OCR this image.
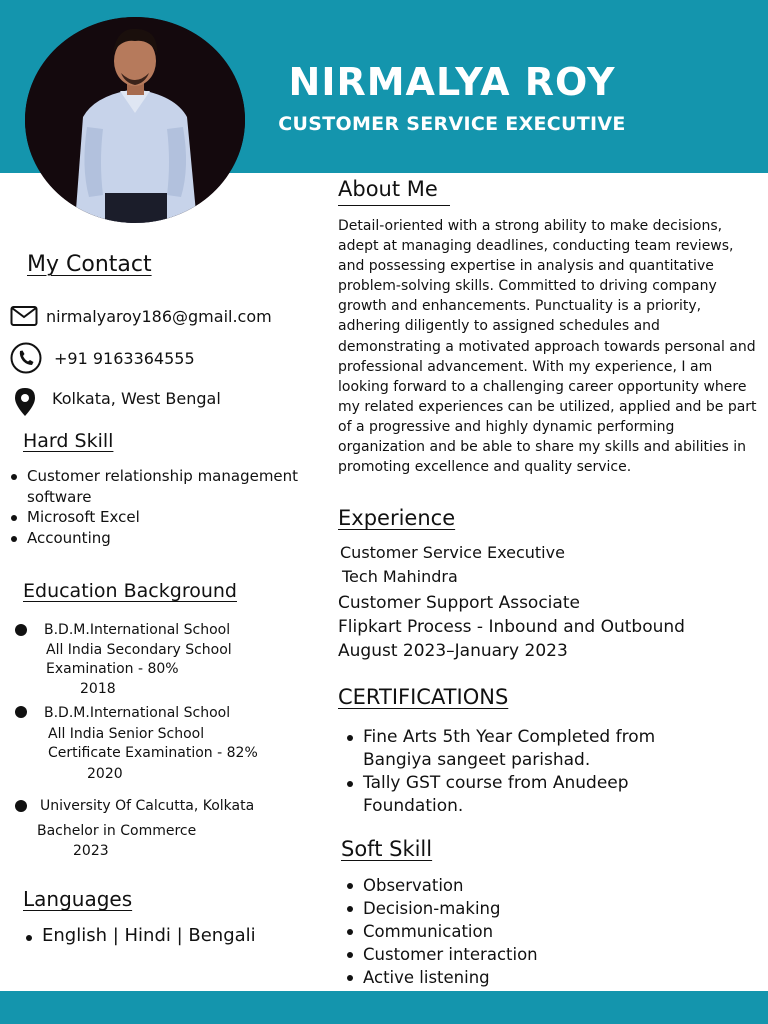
NIRMALYA ROY
CUSTOMER SERVICE EXECUTIVE
My Contact
nirmalyaroy186@gmail.com
+91 9163364555
Kolkata, West Bengal
Hard Skill
Customer relationship management software
Microsoft Excel
Accounting
Education Background

B.D.M.International School

All India Secondary School Examination - 80%

2018

B.D.M.International School

All India Senior School Certificate Examination - 82%

2020

University Of Calcutta, Kolkata

Bachelor in Commerce

2023

Languages
English | Hindi | Bengali
About Me

Detail-oriented with a strong ability to make decisions, adept at managing deadlines, conducting team reviews, and possessing expertise in analysis and quantitative problem-solving skills. Committed to driving company growth and enhancements. Punctuality is a priority, adhering diligently to assigned schedules and demonstrating a motivated approach towards personal and professional advancement. With my experience, I am looking forward to a challenging career opportunity where my related experiences can be utilized, applied and be part of a progressive and highly dynamic performing organization and be able to share my skills and abilities in promoting excellence and quality service.

Experience

Customer Service Executive

Tech Mahindra

Customer Support Associate

Flipkart Process - Inbound and Outbound

August 2023–January 2023

CERTIFICATIONS
Fine Arts 5th Year Completed from Bangiya sangeet parishad.
Tally GST course from Anudeep Foundation.
Soft Skill
Observation
Decision-making
Communication
Customer interaction
Active listening
